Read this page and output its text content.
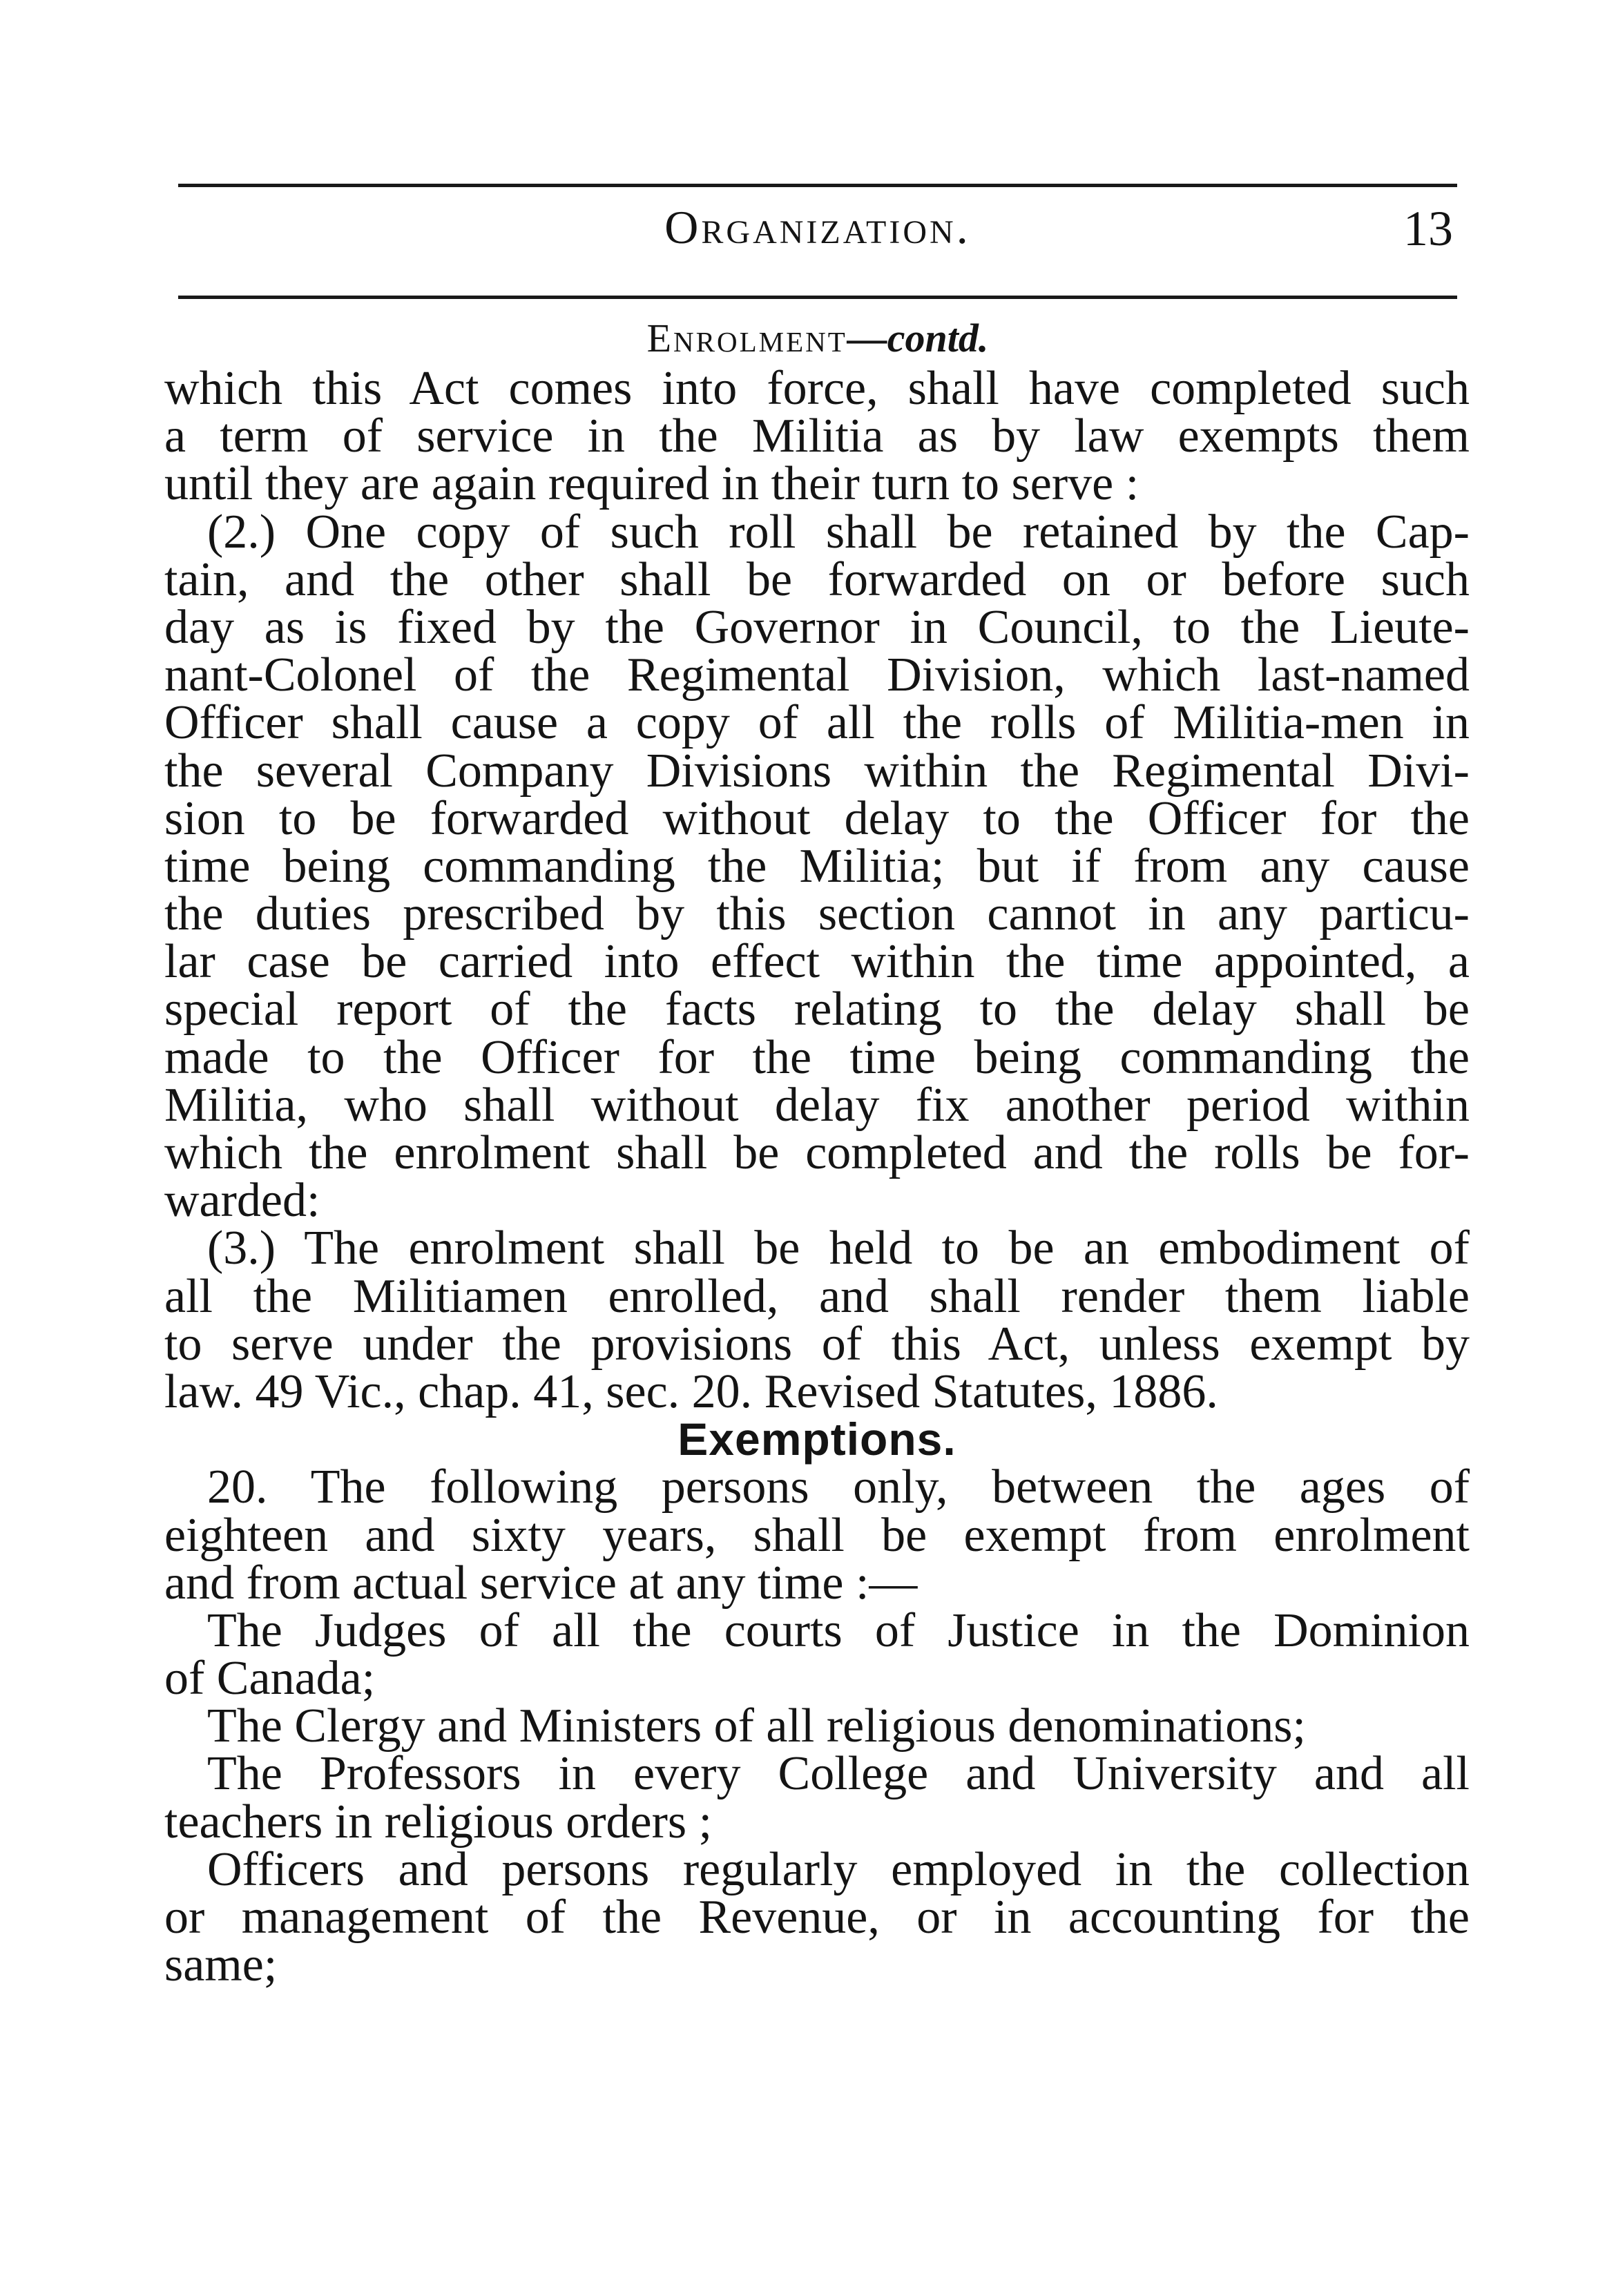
Organization.	13
Enrolment—contd.
which this Act comes into force, shall have completed such
a term of service in the Militia as by law exempts them
until they are again required in their turn to serve :
(2.) One copy of such roll shall be retained by the Cap-
tain, and the other shall be forwarded on or before such
day as is fixed by the Governor in Council, to the Lieute-
nant-Colonel of the Regimental Division, which last-named
Officer shall cause a copy of all the rolls of Militia-men in
the several Company Divisions within the Regimental Divi-
sion to be forwarded without delay to the Officer for the
time being commanding the Militia; but if from any cause
the duties prescribed by this section cannot in any particu-
lar case be carried into effect within the time appointed, a
special report of the facts relating to the delay shall be
made to the Officer for the time being commanding the
Militia, who shall without delay fix another period within
which the enrolment shall be completed and the rolls be for-
warded:
(3.) The enrolment shall be held to be an embodiment of
all the Militiamen enrolled, and shall render them liable
to serve under the provisions of this Act, unless exempt by
law. 49 Vic., chap. 41, sec. 20. Revised Statutes, 1886.
Exemptions.
20. The following persons only, between the ages of
eighteen and sixty years, shall be exempt from enrolment
and from actual service at any time :—
The Judges of all the courts of Justice in the Dominion
of Canada;
The Clergy and Ministers of all religious denominations;
The Professors in every College and University and all
teachers in religious orders ;
Officers and persons regularly employed in the collection
or management of the Revenue, or in accounting for the
same;
